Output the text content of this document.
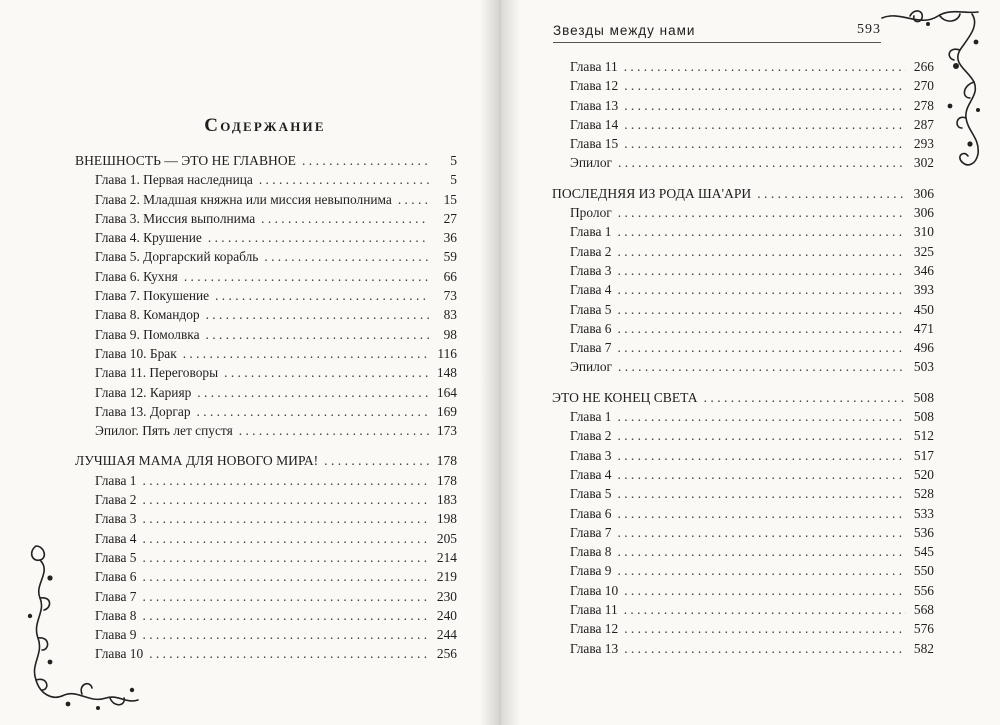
Звезды между нами	593
Содержание
ВНЕШНОСТЬ — ЭТО НЕ ГЛАВНОЕ . . .	5
Глава 1. Первая наследница . . .	5
Глава 2. Младшая княжна или миссия невыполнима . . .	15
Глава 3. Миссия выполнима . . .	27
Глава 4. Крушение . . .	36
Глава 5. Доргарский корабль . . .	59
Глава 6. Кухня . . .	66
Глава 7. Покушение . . .	73
Глава 8. Командор . . .	83
Глава 9. Помолвка . . .	98
Глава 10. Брак . . .	116
Глава 11. Переговоры . . .	148
Глава 12. Карияр . . .	164
Глава 13. Доргар . . .	169
Эпилог. Пять лет спустя . . .	173
ЛУЧШАЯ МАМА ДЛЯ НОВОГО МИРА! . . .	178
Глава 1 . . .	178
Глава 2 . . .	183
Глава 3 . . .	198
Глава 4 . . .	205
Глава 5 . . .	214
Глава 6 . . .	219
Глава 7 . . .	230
Глава 8 . . .	240
Глава 9 . . .	244
Глава 10 . . .	256
Глава 11 . . .	266
Глава 12 . . .	270
Глава 13 . . .	278
Глава 14 . . .	287
Глава 15 . . .	293
Эпилог . . .	302
ПОСЛЕДНЯЯ ИЗ РОДА ША'АРИ . . .	306
Пролог . . .	306
Глава 1 . . .	310
Глава 2 . . .	325
Глава 3 . . .	346
Глава 4 . . .	393
Глава 5 . . .	450
Глава 6 . . .	471
Глава 7 . . .	496
Эпилог . . .	503
ЭТО НЕ КОНЕЦ СВЕТА . . .	508
Глава 1 . . .	508
Глава 2 . . .	512
Глава 3 . . .	517
Глава 4 . . .	520
Глава 5 . . .	528
Глава 6 . . .	533
Глава 7 . . .	536
Глава 8 . . .	545
Глава 9 . . .	550
Глава 10 . . .	556
Глава 11 . . .	568
Глава 12 . . .	576
Глава 13 . . .	582
